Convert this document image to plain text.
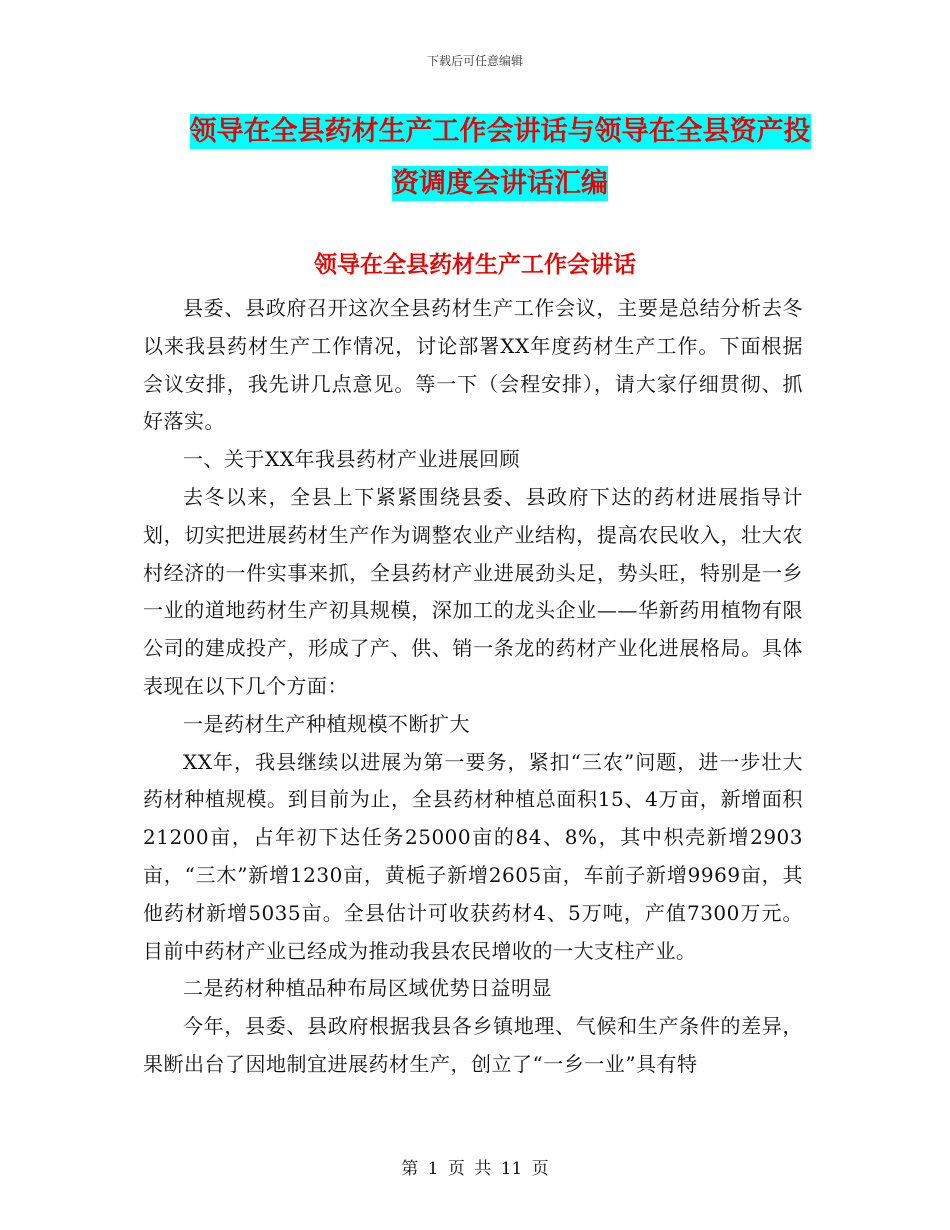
下载后可任意编辑
领导在全县药材生产工作会讲话与领导在全县资产投
资调度会讲话汇编
领导在全县药材生产工作会讲话

县委、县政府召开这次全县药材生产工作会议，主要是总结分析去冬以来我县药材生产工作情况，讨论部署XX年度药材生产工作。下面根据会议安排，我先讲几点意见。等一下（会程安排），请大家仔细贯彻、抓好落实。

一、关于XX年我县药材产业进展回顾

去冬以来，全县上下紧紧围绕县委、县政府下达的药材进展指导计划，切实把进展药材生产作为调整农业产业结构，提高农民收入，壮大农村经济的一件实事来抓，全县药材产业进展劲头足，势头旺，特别是一乡一业的道地药材生产初具规模，深加工的龙头企业——华新药用植物有限公司的建成投产，形成了产、供、销一条龙的药材产业化进展格局。具体表现在以下几个方面：

一是药材生产种植规模不断扩大

XX年，我县继续以进展为第一要务，紧扣“三农”问题，进一步壮大药材种植规模。到目前为止，全县药材种植总面积15、4万亩，新增面积21200亩，占年初下达任务25000亩的84、8%，其中枳壳新增2903亩，“三木”新增1230亩，黄栀子新增2605亩，车前子新增9969亩，其他药材新增5035亩。全县估计可收获药材4、5万吨，产值7300万元。目前中药材产业已经成为推动我县农民增收的一大支柱产业。

二是药材种植品种布局区域优势日益明显

今年，县委、县政府根据我县各乡镇地理、气候和生产条件的差异，果断出台了因地制宜进展药材生产，创立了“一乡一业”具有特

第 1 页 共 11 页
